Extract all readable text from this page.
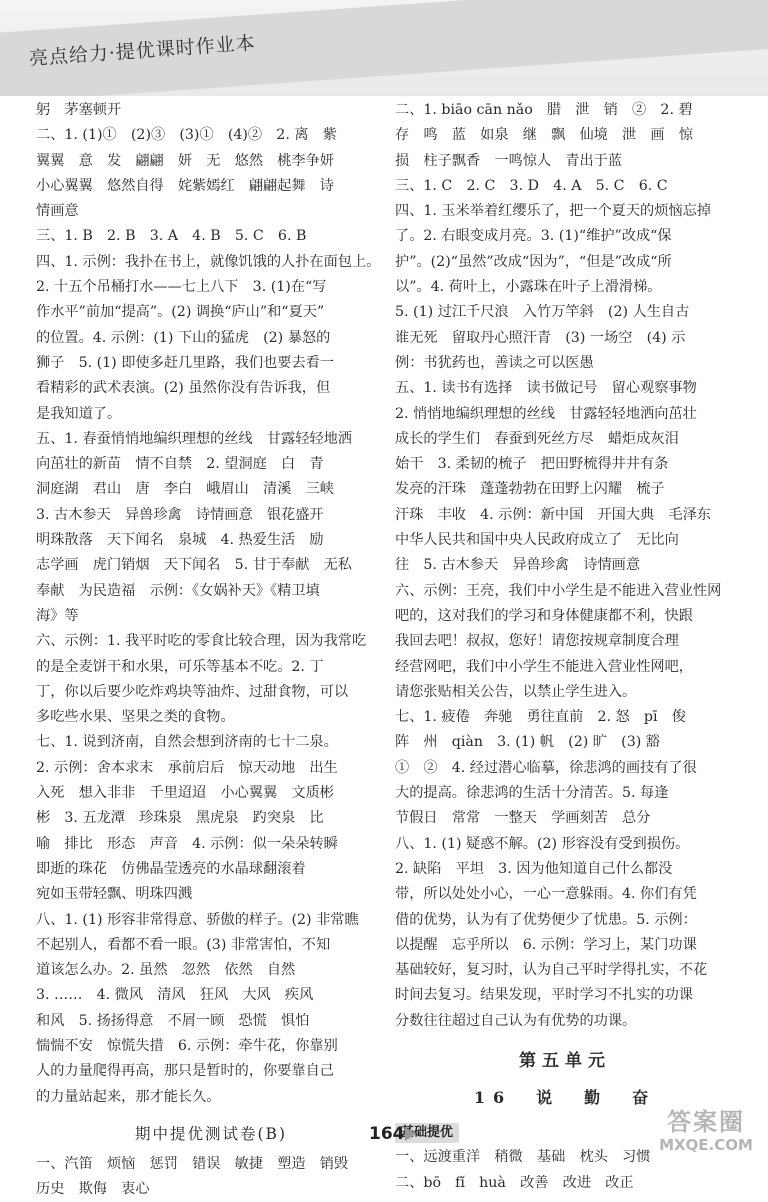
亮点给力·提优课时作业本
躬　茅塞顿开
二、1. (1)①　(2)③　(3)①　(4)②　2. 离　紫
翼翼　意　发　翩翩　妍　无　悠然　桃李争妍
小心翼翼　悠然自得　姹紫嫣红　翩翩起舞　诗
情画意
三、1. B　2. B　3. A　4. B　5. C　6. B
四、1. 示例：我扑在书上，就像饥饿的人扑在面包上。
2. 十五个吊桶打水——七上八下　3. (1)在“写
作水平”前加“提高”。(2) 调换“庐山”和“夏天”
的位置。4. 示例：(1) 下山的猛虎　(2) 暴怒的
狮子　5. (1) 即使多赶几里路，我们也要去看一
看精彩的武术表演。(2) 虽然你没有告诉我，但
是我知道了。
五、1. 春蚕悄悄地编织理想的丝线　甘露轻轻地洒
向茁壮的新苗　情不自禁　2. 望洞庭　白　青
洞庭湖　君山　唐　李白　峨眉山　清溪　三峡
3. 古木参天　异兽珍禽　诗情画意　银花盛开
明珠散落　天下闻名　泉城　4. 热爱生活　励
志学画　虎门销烟　天下闻名　5. 甘于奉献　无私
奉献　为民造福　示例：《女娲补天》《精卫填
海》等
六、示例：1. 我平时吃的零食比较合理，因为我常吃
的是全麦饼干和水果，可乐等基本不吃。2. 丁
丁，你以后要少吃炸鸡块等油炸、过甜食物，可以
多吃些水果、坚果之类的食物。
七、1. 说到济南，自然会想到济南的七十二泉。
2. 示例：舍本求末　承前启后　惊天动地　出生
入死　想入非非　千里迢迢　小心翼翼　文质彬
彬　3. 五龙潭　珍珠泉　黑虎泉　趵突泉　比
喻　排比　形态　声音　4. 示例：似一朵朵转瞬
即逝的珠花　仿佛晶莹透亮的水晶球翻滚着
宛如玉带轻飘、明珠四溅
八、1. (1) 形容非常得意、骄傲的样子。(2) 非常瞧
不起别人，看都不看一眼。(3) 非常害怕，不知
道该怎么办。2. 虽然　忽然　依然　自然
3. ……　4. 微风　清风　狂风　大风　疾风
和风　5. 扬扬得意　不屑一顾　恐慌　惧怕
惴惴不安　惊慌失措　6. 示例：牵牛花，你靠别
人的力量爬得再高，那只是暂时的，你要靠自己
的力量站起来，那才能长久。
期中提优测试卷(B)
一、汽笛　烦恼　惩罚　错误　敏捷　塑造　销毁
历史　欺侮　衷心
二、1. biāo cān nǎo　腊　泄　销　②　2. 碧
存　鸣　蓝　如泉　继　飘　仙境　泄　画　惊
损　柱子飘香　一鸣惊人　青出于蓝
三、1. C　2. C　3. D　4. A　5. C　6. C
四、1. 玉米举着红缨乐了，把一个夏天的烦恼忘掉
了。2. 右眼变成月亮。3. (1)“维护”改成“保
护”。(2)“虽然”改成“因为”，“但是”改成“所
以”。4. 荷叶上，小露珠在叶子上滑滑梯。
5. (1) 过江千尺浪　入竹万竿斜　(2) 人生自古
谁无死　留取丹心照汗青　(3) 一场空　(4) 示
例：书犹药也，善读之可以医愚
五、1. 读书有选择　读书做记号　留心观察事物
2. 悄悄地编织理想的丝线　甘露轻轻地洒向茁壮
成长的学生们　春蚕到死丝方尽　蜡炬成灰泪
始干　3. 柔韧的梳子　把田野梳得井井有条
发亮的汗珠　蓬蓬勃勃在田野上闪耀　梳子
汗珠　丰收　4. 示例：新中国　开国大典　毛泽东
中华人民共和国中央人民政府成立了　无比向
往　5. 古木参天　异兽珍禽　诗情画意
六、示例：王亮，我们中小学生是不能进入营业性网
吧的，这对我们的学习和身体健康都不利，快跟
我回去吧！叔叔，您好！请您按规章制度合理
经营网吧，我们中小学生不能进入营业性网吧，
请您张贴相关公告，以禁止学生进入。
七、1. 疲倦　奔驰　勇往直前　2. 怒　pī　俊
阵　州　qiàn　3. (1) 帆　(2) 旷　(3) 豁
①　②　4. 经过潜心临摹，徐悲鸿的画技有了很
大的提高。徐悲鸿的生活十分清苦。5. 每逢
节假日　常常　一整天　学画刻苦　总分
八、1. (1) 疑惑不解。(2) 形容没有受到损伤。
2. 缺陷　平坦　3. 因为他知道自己什么都没
带，所以处处小心，一心一意躲雨。4. 你们有凭
借的优势，认为有了优势便少了忧患。5. 示例：
以提醒　忘乎所以　6. 示例：学习上，某门功课
基础较好，复习时，认为自己平时学得扎实，不花
时间去复习。结果发现，平时学习不扎实的功课
分数往往超过自己认为有优势的功课。
第五单元
16　说　勤　奋
基础提优
一、远渡重洋　稍微　基础　枕头　习惯
二、bō　fǐ　huà　改善　改进　改正
164	答案圈
MXQE.COM
